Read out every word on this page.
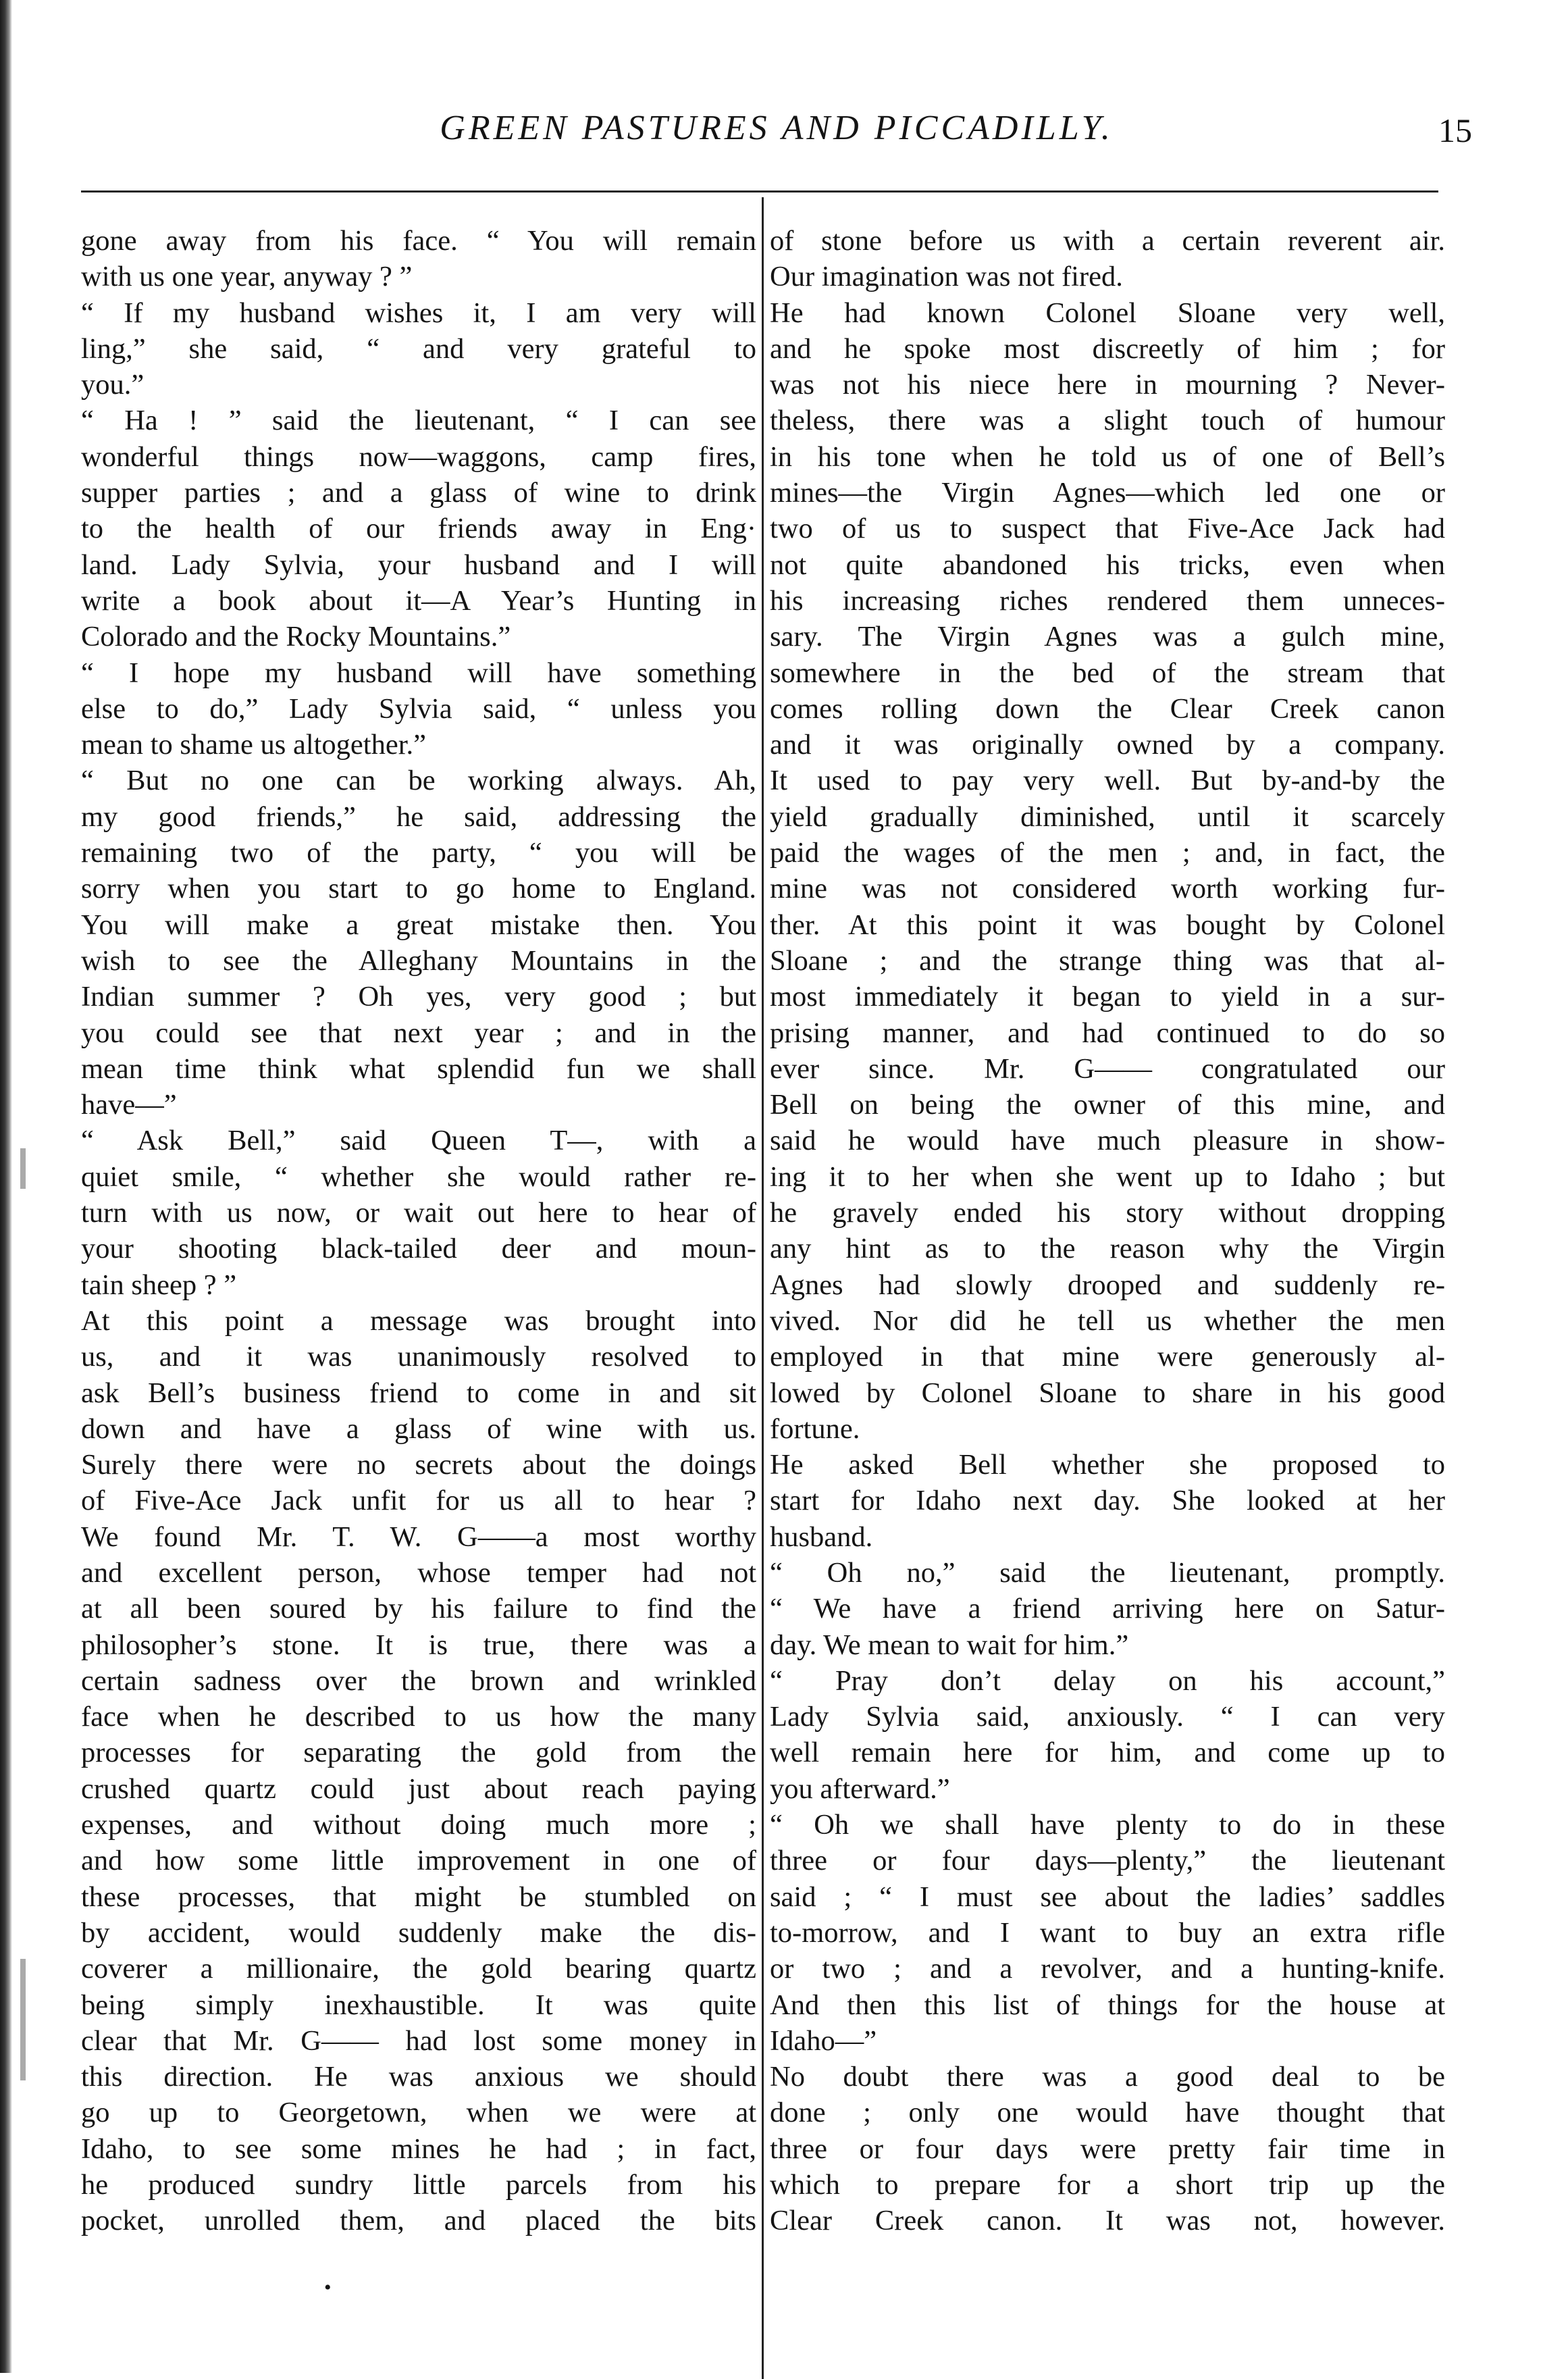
GREEN PASTURES AND PICCADILLY.	15
gone away from his face. “ You will remain
with us one year, anyway ? ”
“ If my husband wishes it, I am very will
ling,” she said, “ and very grateful to
you.”
“ Ha ! ” said the lieutenant, “ I can see
wonderful things now—waggons, camp fires,
supper parties ; and a glass of wine to drink
to the health of our friends away in Eng·
land. Lady Sylvia, your husband and I will
write a book about it—A Year’s Hunting in
Colorado and the Rocky Mountains.”
“ I hope my husband will have something
else to do,” Lady Sylvia said, “ unless you
mean to shame us altogether.”
“ But no one can be working always. Ah,
my good friends,” he said, addressing the
remaining two of the party, “ you will be
sorry when you start to go home to England.
You will make a great mistake then. You
wish to see the Alleghany Mountains in the
Indian summer ? Oh yes, very good ; but
you could see that next year ; and in the
mean time think what splendid fun we shall
have—”
“ Ask Bell,” said Queen T—, with a
quiet smile, “ whether she would rather re-
turn with us now, or wait out here to hear of
your shooting black-tailed deer and moun-
tain sheep ? ”
At this point a message was brought into
us, and it was unanimously resolved to
ask Bell’s business friend to come in and sit
down and have a glass of wine with us.
Surely there were no secrets about the doings
of Five-Ace Jack unfit for us all to hear ?
We found Mr. T. W. G——a most worthy
and excellent person, whose temper had not
at all been soured by his failure to find the
philosopher’s stone. It is true, there was a
certain sadness over the brown and wrinkled
face when he described to us how the many
processes for separating the gold from the
crushed quartz could just about reach paying
expenses, and without doing much more ;
and how some little improvement in one of
these processes, that might be stumbled on
by accident, would suddenly make the dis-
coverer a millionaire, the gold bearing quartz
being simply inexhaustible. It was quite
clear that Mr. G—— had lost some money in
this direction. He was anxious we should
go up to Georgetown, when we were at
Idaho, to see some mines he had ; in fact,
he produced sundry little parcels from his
pocket, unrolled them, and placed the bits
of stone before us with a certain reverent air.
Our imagination was not fired.
He had known Colonel Sloane very well,
and he spoke most discreetly of him ; for
was not his niece here in mourning ? Never-
theless, there was a slight touch of humour
in his tone when he told us of one of Bell’s
mines—the Virgin Agnes—which led one or
two of us to suspect that Five-Ace Jack had
not quite abandoned his tricks, even when
his increasing riches rendered them unneces-
sary. The Virgin Agnes was a gulch mine,
somewhere in the bed of the stream that
comes rolling down the Clear Creek canon
and it was originally owned by a company.
It used to pay very well. But by-and-by the
yield gradually diminished, until it scarcely
paid the wages of the men ; and, in fact, the
mine was not considered worth working fur-
ther. At this point it was bought by Colonel
Sloane ; and the strange thing was that al-
most immediately it began to yield in a sur-
prising manner, and had continued to do so
ever since. Mr. G—— congratulated our
Bell on being the owner of this mine, and
said he would have much pleasure in show-
ing it to her when she went up to Idaho ; but
he gravely ended his story without dropping
any hint as to the reason why the Virgin
Agnes had slowly drooped and suddenly re-
vived. Nor did he tell us whether the men
employed in that mine were generously al-
lowed by Colonel Sloane to share in his good
fortune.
He asked Bell whether she proposed to
start for Idaho next day. She looked at her
husband.
“ Oh no,” said the lieutenant, promptly.
“ We have a friend arriving here on Satur-
day. We mean to wait for him.”
“ Pray don’t delay on his account,”
Lady Sylvia said, anxiously. “ I can very
well remain here for him, and come up to
you afterward.”
“ Oh we shall have plenty to do in these
three or four days—plenty,” the lieutenant
said ; “ I must see about the ladies’ saddles
to-morrow, and I want to buy an extra rifle
or two ; and a revolver, and a hunting-knife.
And then this list of things for the house at
Idaho—”
No doubt there was a good deal to be
done ; only one would have thought that
three or four days were pretty fair time in
which to prepare for a short trip up the
Clear Creek canon. It was not, however.
•
